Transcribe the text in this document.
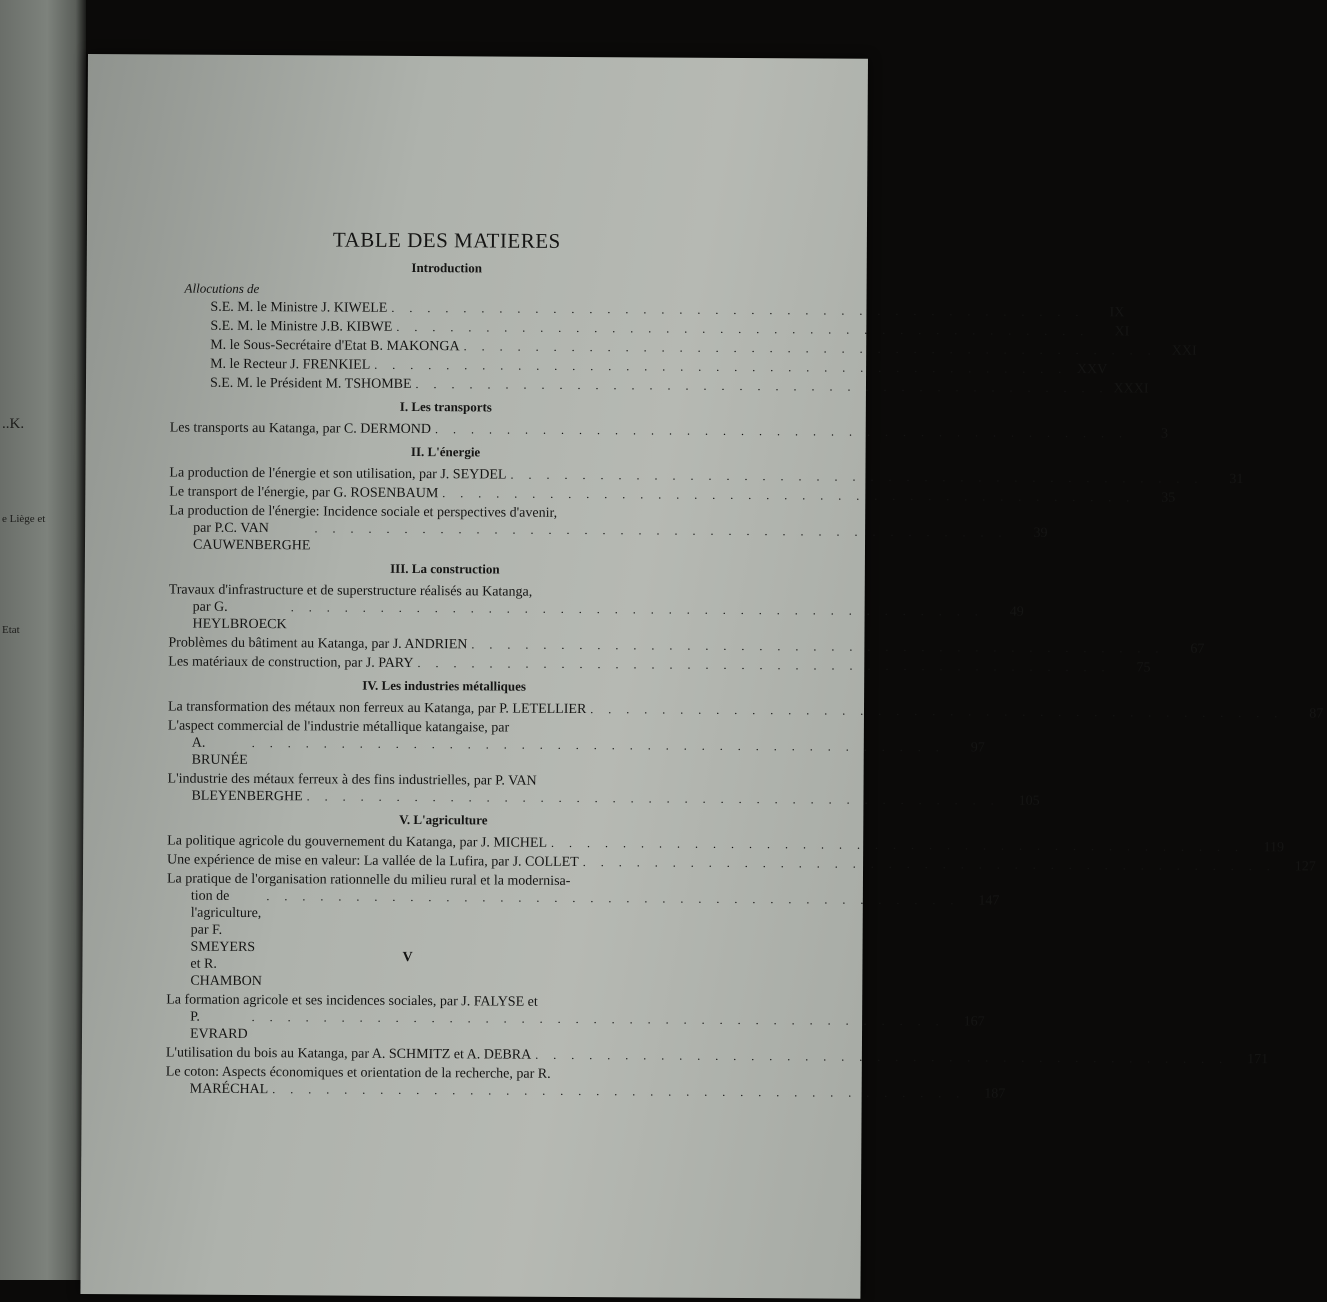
..K.
e Liège et
Etat
TABLE DES MATIERES
Introduction
Allocutions de
S.E. M. le Ministre J. KIWELE . . . . . . . . . . . . . . . . . . . . . . . . . . . . . . . . . . . . . . .	IX
S.E. M. le Ministre J.B. KIBWE . . . . . . . . . . . . . . . . . . . . . . . . . . . . . . . . . . . . . . .	XI
M. le Sous-Secrétaire d'Etat B. MAKONGA . . . . . . . . . . . . . . . . . . . . . . . . . . . . . . . . . . . . . . .	XXI
M. le Recteur J. FRENKIEL . . . . . . . . . . . . . . . . . . . . . . . . . . . . . . . . . . . . . . . XXV
S.E. M. le Président M. TSHOMBE . . . . . . . . . . . . . . . . . . . . . . . . . . . . . . . . . . . . . . . XXXI
I. Les transports
Les transports au Katanga, par C. DERMOND . . . . . . . . . . . . . . . . . . . . . . . . . . . . . . . . . . . . . . .	3
II. L'énergie
La production de l'énergie et son utilisation, par J. SEYDEL . . . . . . . . . . . . . . . . . . . . . . . . . . . . . . . . . . . . . . .	31
Le transport de l'énergie, par G. ROSENBAUM . . . . . . . . . . . . . . . . . . . . . . . . . . . . . . . . . . . . . . .	35
La production de l'énergie: Incidence sociale et perspectives d'avenir,
par P.C. VAN CAUWENBERGHE
. . . . . . . . . . . . . . . . . . . . . . . . . . . . . . . . . . . . . . .	39
III. La construction
Travaux d'infrastructure et de superstructure réalisés au Katanga,
par G. HEYLBROECK
. . . . . . . . . . . . . . . . . . . . . . . . . . . . . . . . . . . . . . .	49
Problèmes du bâtiment au Katanga, par J. ANDRIEN . . . . . . . . . . . . . . . . . . . . . . . . . . . . . . . . . . . . . . .	67
Les matériaux de construction, par J. PARY . . . . . . . . . . . . . . . . . . . . . . . . . . . . . . . . . . . . . . .	75
IV. Les industries métalliques
La transformation des métaux non ferreux au Katanga, par P. LETELLIER . . . . . . . . . . . . . . . . . . . . . . . . . . . . . . . . . . . . . . .	87
L'aspect commercial de l'industrie métallique katangaise, par
A. BRUNÉE
. . . . . . . . . . . . . . . . . . . . . . . . . . . . . . . . . . . . . . .	97
L'industrie des métaux ferreux à des fins industrielles, par P. VAN
BLEYENBERGHE . . . . . . . . . . . . . . . . . . . . . . . . . . . . . . . . . . . . . . .	105
V. L'agriculture
La politique agricole du gouvernement du Katanga, par J. MICHEL . . . . . . . . . . . . . . . . . . . . . . . . . . . . . . . . . . . . . . .	119
Une expérience de mise en valeur: La vallée de la Lufira, par J. COLLET . . . . . . . . . . . . . . . . . . . . . . . . . . . . . . . . . . . . . . .	127
La pratique de l'organisation rationnelle du milieu rural et la modernisa-
tion de l'agriculture, par F. SMEYERS et R. CHAMBON
. . . . . . . . . . . . . . . . . . . . . . . . . . . . . . . . . . . . . . .	147
La formation agricole et ses incidences sociales, par J. FALYSE et
P. EVRARD
. . . . . . . . . . . . . . . . . . . . . . . . . . . . . . . . . . . . . . .	167
L'utilisation du bois au Katanga, par A. SCHMITZ et A. DEBRA . . . . . . . . . . . . . . . . . . . . . . . . . . . . . . . . . . . . . . .	171
Le coton: Aspects économiques et orientation de la recherche, par R.
MARÉCHAL . . . . . . . . . . . . . . . . . . . . . . . . . . . . . . . . . . . . . . .	187
V
